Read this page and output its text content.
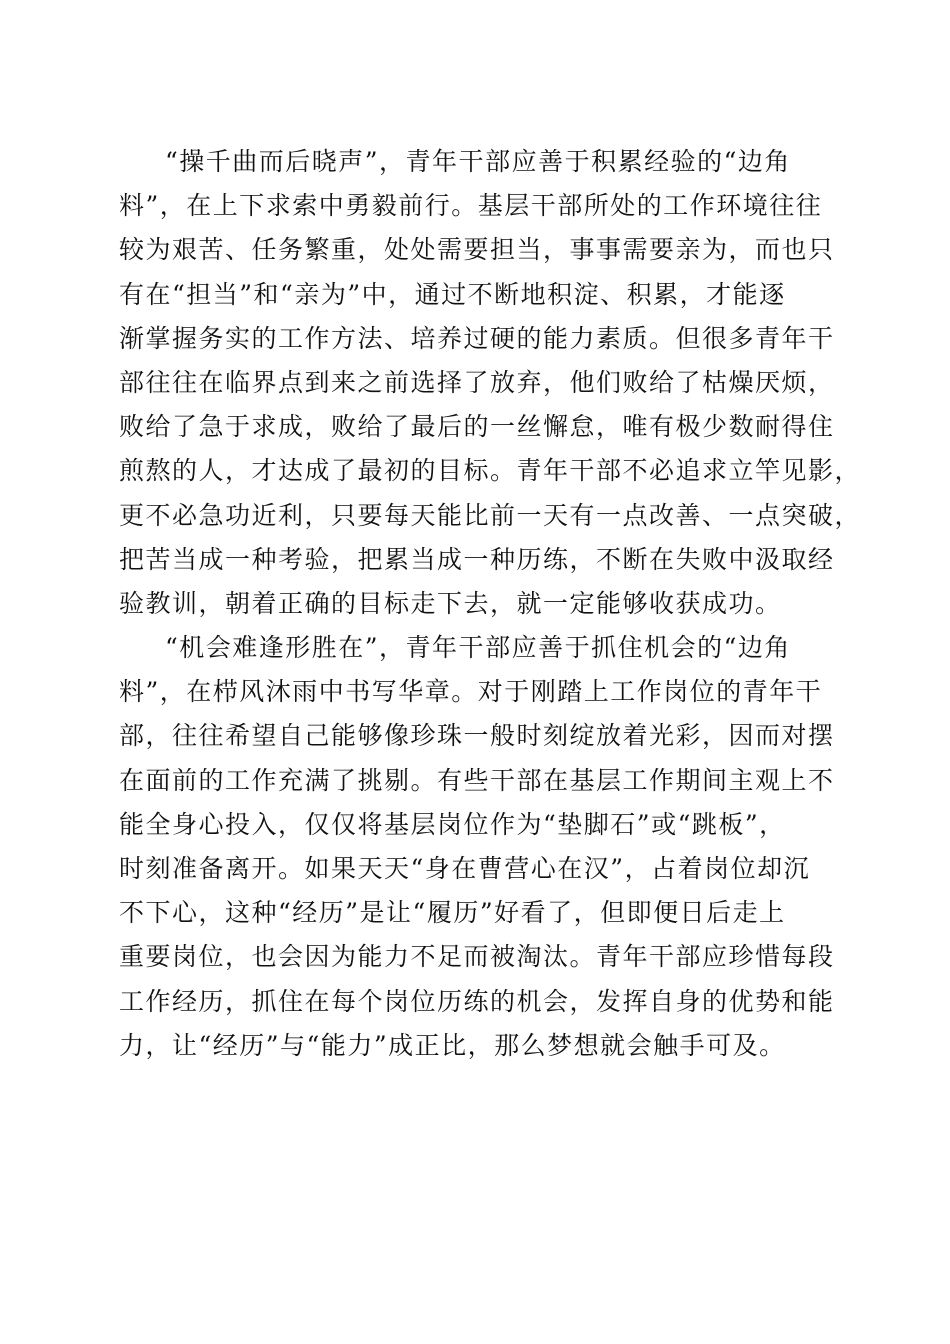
“操千曲而后晓声”，青年干部应善于积累经验的“边角
料”，在上下求索中勇毅前行。基层干部所处的工作环境往往
较为艰苦、任务繁重，处处需要担当，事事需要亲为，而也只
有在“担当”和“亲为”中，通过不断地积淀、积累，才能逐
渐掌握务实的工作方法、培养过硬的能力素质。但很多青年干
部往往在临界点到来之前选择了放弃，他们败给了枯燥厌烦，
败给了急于求成，败给了最后的一丝懈怠，唯有极少数耐得住
煎熬的人，才达成了最初的目标。青年干部不必追求立竿见影，
更不必急功近利，只要每天能比前一天有一点改善、一点突破，
把苦当成一种考验，把累当成一种历练，不断在失败中汲取经
验教训，朝着正确的目标走下去，就一定能够收获成功。
“机会难逢形胜在”，青年干部应善于抓住机会的“边角
料”，在栉风沐雨中书写华章。对于刚踏上工作岗位的青年干
部，往往希望自己能够像珍珠一般时刻绽放着光彩，因而对摆
在面前的工作充满了挑剔。有些干部在基层工作期间主观上不
能全身心投入，仅仅将基层岗位作为“垫脚石”或“跳板”，
时刻准备离开。如果天天“身在曹营心在汉”，占着岗位却沉
不下心，这种“经历”是让“履历”好看了，但即便日后走上
重要岗位，也会因为能力不足而被淘汰。青年干部应珍惜每段
工作经历，抓住在每个岗位历练的机会，发挥自身的优势和能
力，让“经历”与“能力”成正比，那么梦想就会触手可及。
